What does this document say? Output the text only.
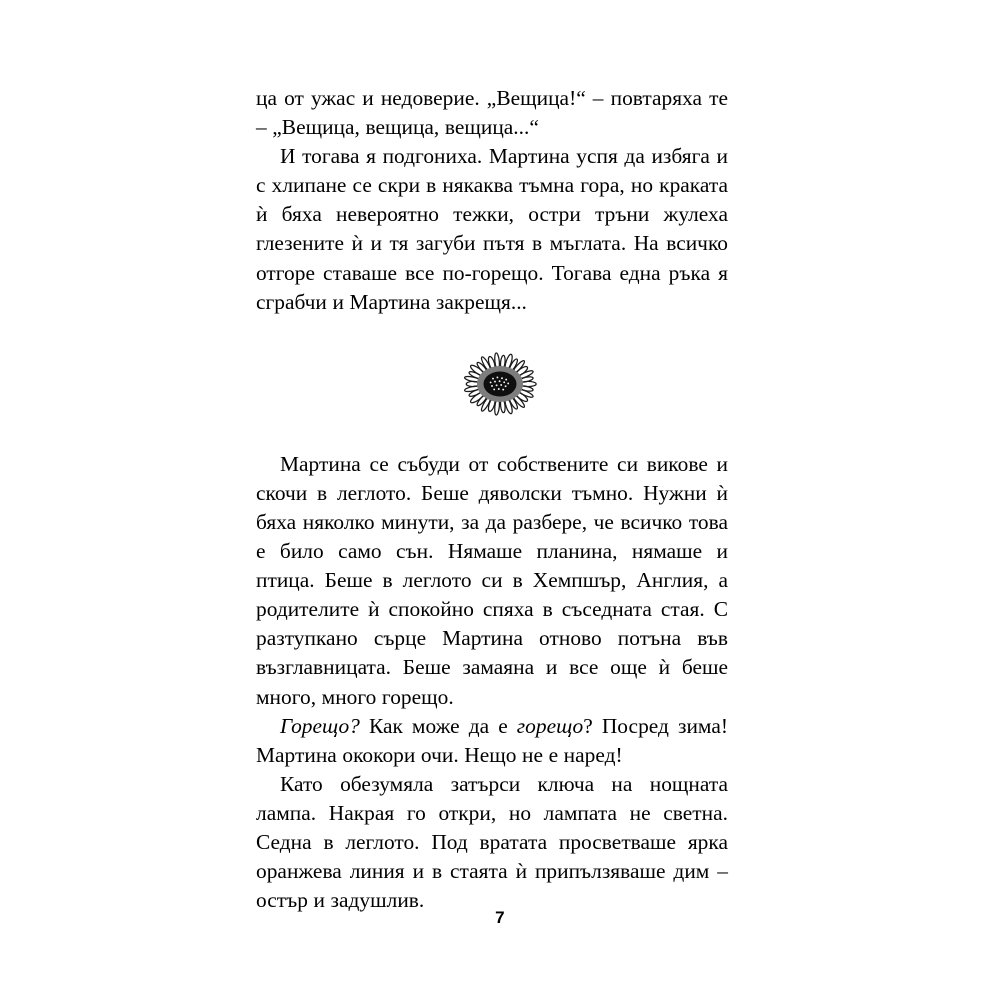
ца от ужас и недоверие. „Вещица!“ – повтаряха те – „Вещица, вещица, вещица...“

И тогава я подгониха. Мартина успя да избяга и с хлипане се скри в някаква тъмна гора, но краката ѝ бяха невероятно тежки, остри тръни жулеха глезените ѝ и тя загуби пътя в мъглата. На всичко отгоре ставаше все по-горещо. Тогава една ръка я сграбчи и Мартина закрещя...

Мартина се събуди от собствените си викове и скочи в леглото. Беше дяволски тъмно. Нужни ѝ бяха няколко минути, за да разбере, че всичко това е било само сън. Нямаше планина, нямаше и птица. Беше в леглото си в Хемпшър, Англия, а родителите ѝ спокойно спяха в съседната стая. С разтупкано сърце Мартина отново потъна във възглавницата. Беше замаяна и все още ѝ беше много, много горещо.

Горещо? Как може да е горещо? Посред зима! Мартина ококори очи. Нещо не е наред!

Като обезумяла затърси ключа на нощната лампа. Накрая го откри, но лампата не светна. Седна в леглото. Под вратата просветваше ярка оранжева линия и в стаята ѝ припълзяваше дим – остър и задушлив.

7
